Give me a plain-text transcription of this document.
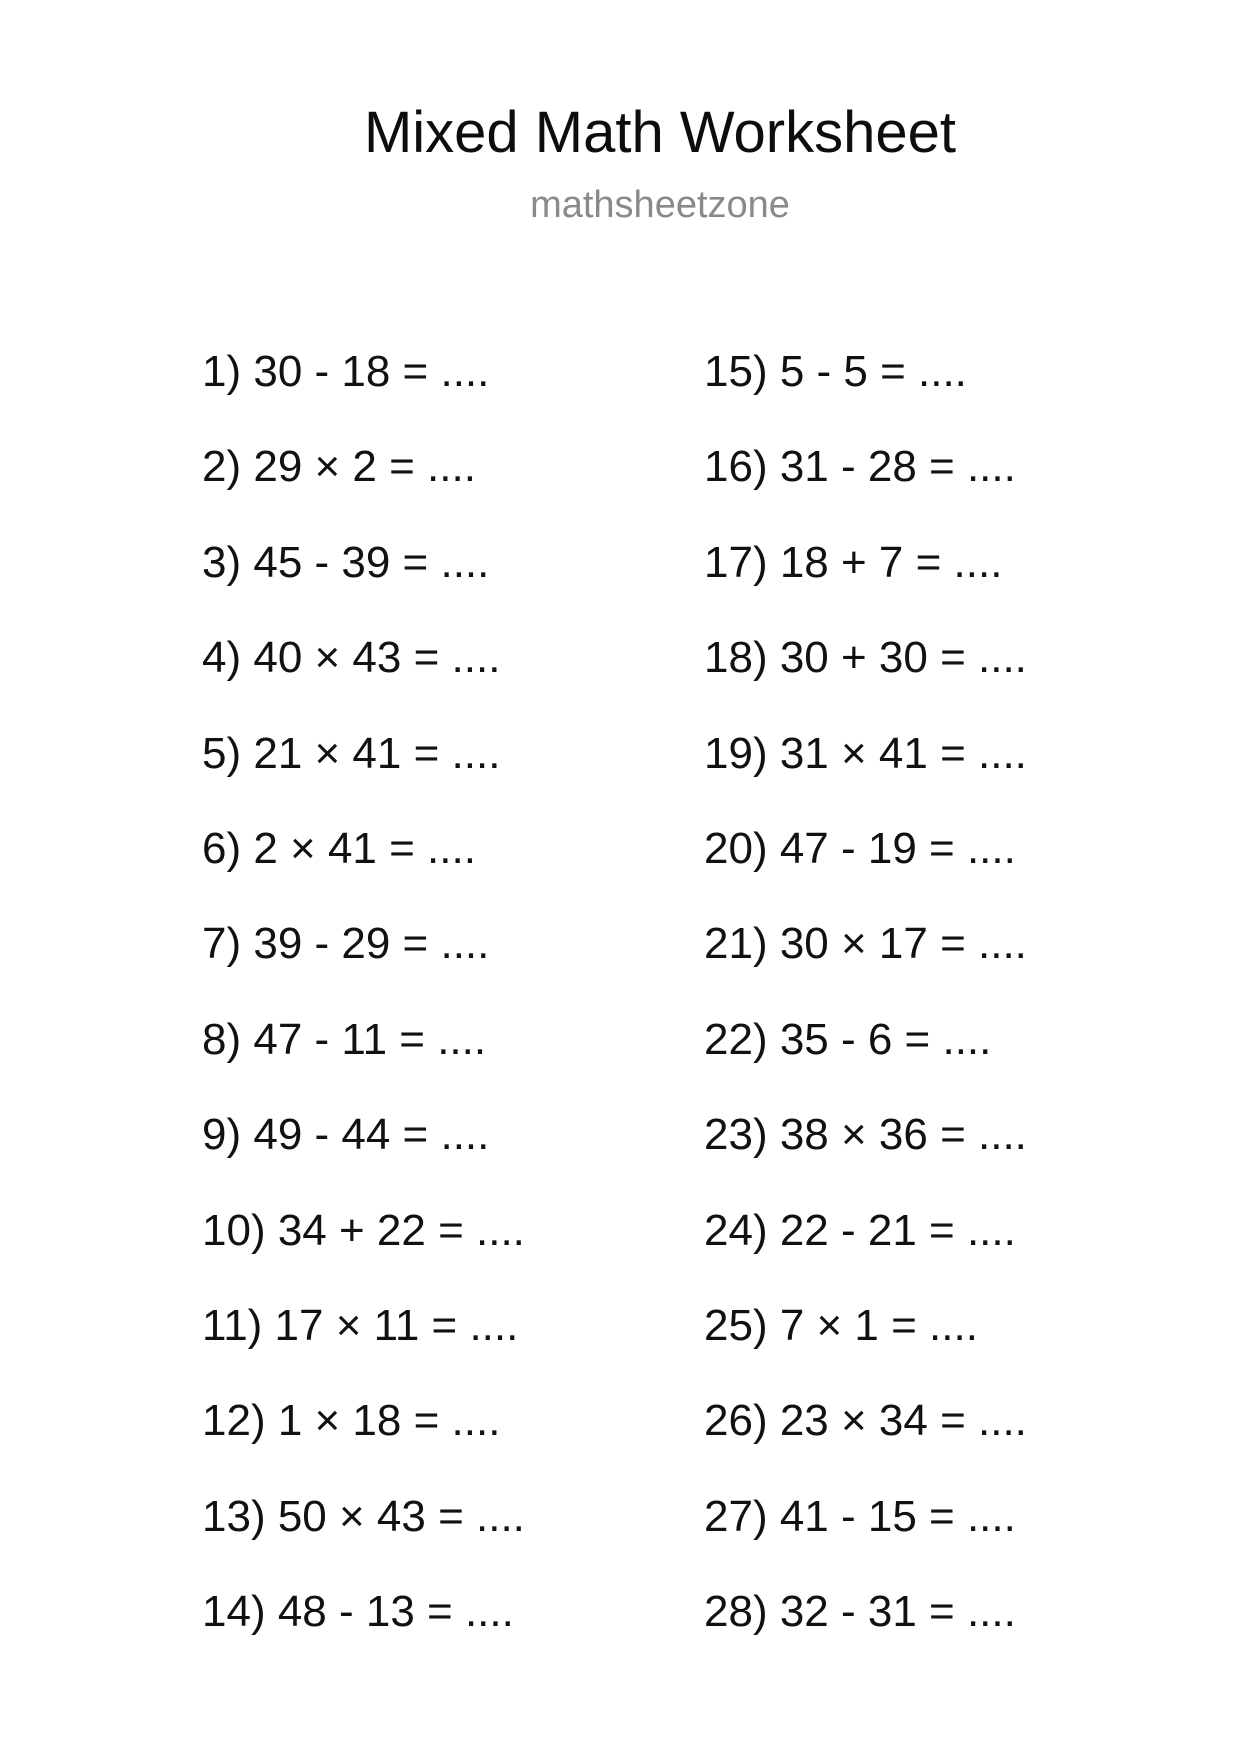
Mixed Math Worksheet
mathsheetzone
1) 30 - 18 = ....
2) 29 × 2 = ....
3) 45 - 39 = ....
4) 40 × 43 = ....
5) 21 × 41 = ....
6) 2 × 41 = ....
7) 39 - 29 = ....
8) 47 - 11 = ....
9) 49 - 44 = ....
10) 34 + 22 = ....
11) 17 × 11 = ....
12) 1 × 18 = ....
13) 50 × 43 = ....
14) 48 - 13 = ....
15) 5 - 5 = ....
16) 31 - 28 = ....
17) 18 + 7 = ....
18) 30 + 30 = ....
19) 31 × 41 = ....
20) 47 - 19 = ....
21) 30 × 17 = ....
22) 35 - 6 = ....
23) 38 × 36 = ....
24) 22 - 21 = ....
25) 7 × 1 = ....
26) 23 × 34 = ....
27) 41 - 15 = ....
28) 32 - 31 = ....
